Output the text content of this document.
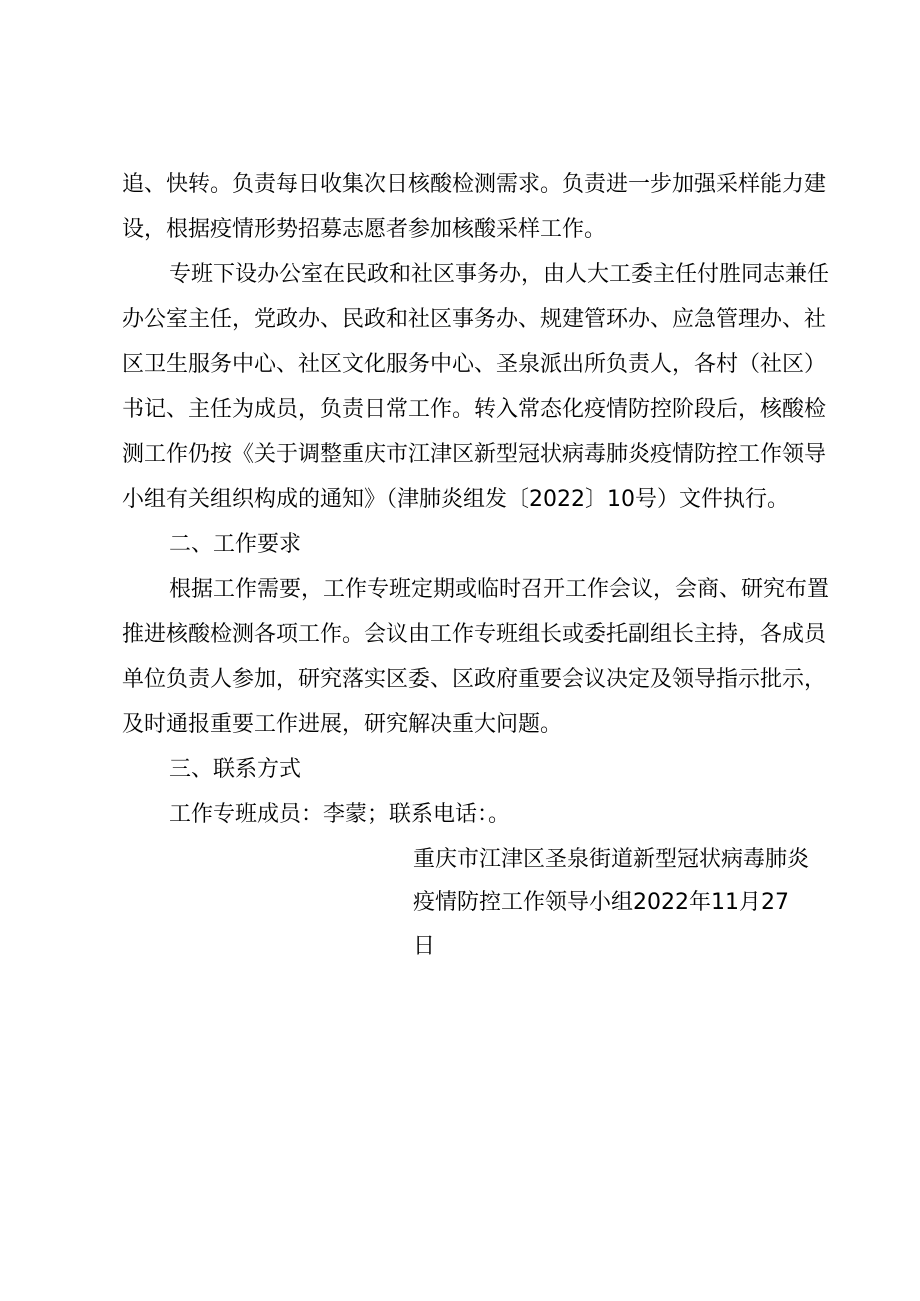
追、快转。负责每日收集次日核酸检测需求。负责进一步加强采样能力建
设，根据疫情形势招募志愿者参加核酸采样工作。
专班下设办公室在民政和社区事务办，由人大工委主任付胜同志兼任
办公室主任，党政办、民政和社区事务办、规建管环办、应急管理办、社
区卫生服务中心、社区文化服务中心、圣泉派出所负责人，各村（社区）
书记、主任为成员，负责日常工作。转入常态化疫情防控阶段后，核酸检
测工作仍按《关于调整重庆市江津区新型冠状病毒肺炎疫情防控工作领导
小组有关组织构成的通知》（津肺炎组发〔2022〕10号）文件执行。
二、工作要求
根据工作需要，工作专班定期或临时召开工作会议，会商、研究布置
推进核酸检测各项工作。会议由工作专班组长或委托副组长主持，各成员
单位负责人参加，研究落实区委、区政府重要会议决定及领导指示批示，
及时通报重要工作进展，研究解决重大问题。
三、联系方式
工作专班成员：李蒙；联系电话：。
重庆市江津区圣泉街道新型冠状病毒肺炎
疫情防控工作领导小组2022年11月27
日
